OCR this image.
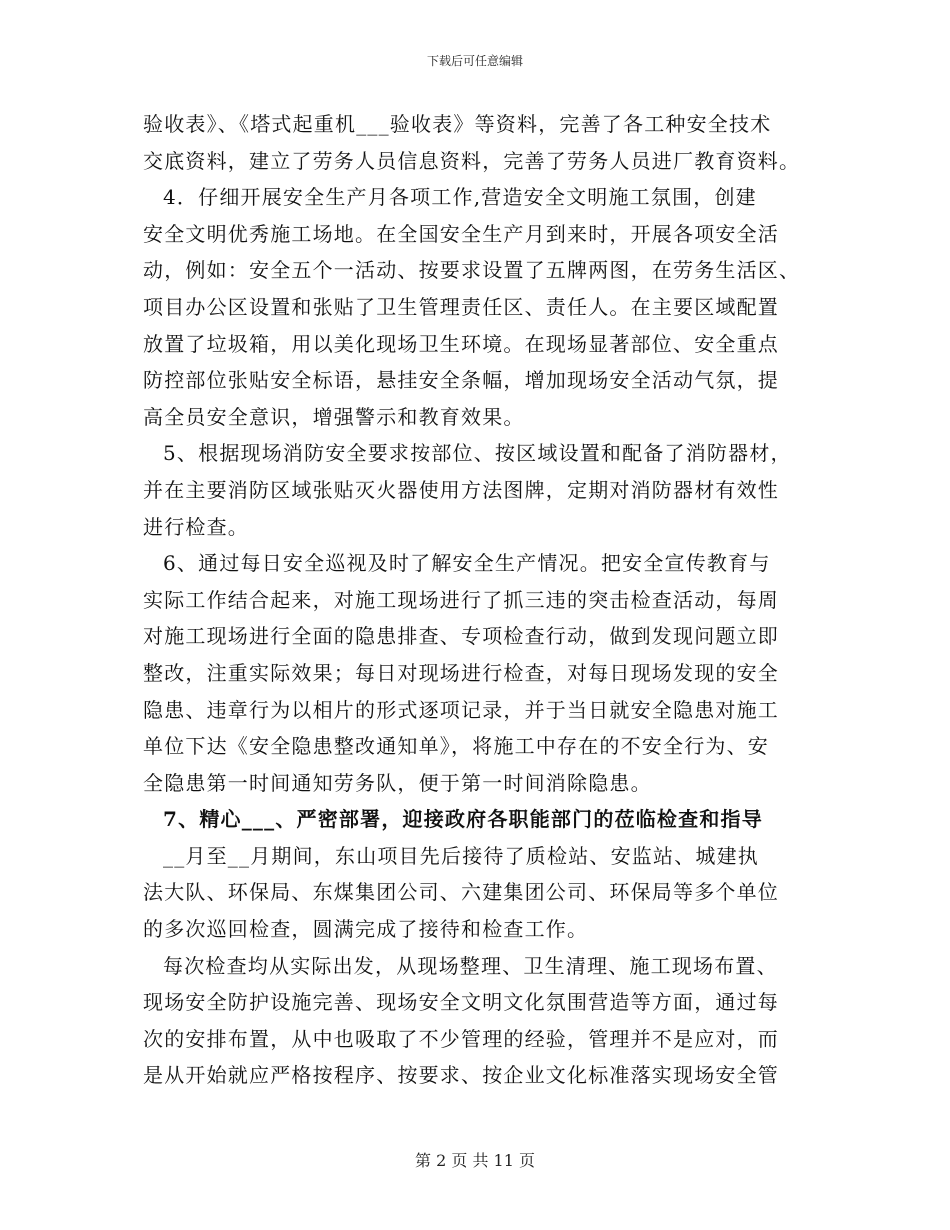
下载后可任意编辑
验收表》、《塔式起重机___验收表》等资料，完善了各工种安全技术
交底资料，建立了劳务人员信息资料，完善了劳务人员进厂教育资料。
4．仔细开展安全生产月各项工作,营造安全文明施工氛围，创建
安全文明优秀施工场地。在全国安全生产月到来时，开展各项安全活
动，例如：安全五个一活动、按要求设置了五牌两图，在劳务生活区、
项目办公区设置和张贴了卫生管理责任区、责任人。在主要区域配置
放置了垃圾箱，用以美化现场卫生环境。在现场显著部位、安全重点
防控部位张贴安全标语，悬挂安全条幅，增加现场安全活动气氛，提
高全员安全意识，增强警示和教育效果。
5、根据现场消防安全要求按部位、按区域设置和配备了消防器材，
并在主要消防区域张贴灭火器使用方法图牌，定期对消防器材有效性
进行检查。
6、通过每日安全巡视及时了解安全生产情况。把安全宣传教育与
实际工作结合起来，对施工现场进行了抓三违的突击检查活动，每周
对施工现场进行全面的隐患排查、专项检查行动，做到发现问题立即
整改，注重实际效果；每日对现场进行检查，对每日现场发现的安全
隐患、违章行为以相片的形式逐项记录，并于当日就安全隐患对施工
单位下达《安全隐患整改通知单》，将施工中存在的不安全行为、安
全隐患第一时间通知劳务队，便于第一时间消除隐患。
7、精心___、严密部署，迎接政府各职能部门的莅临检查和指导
__月至__月期间，东山项目先后接待了质检站、安监站、城建执
法大队、环保局、东煤集团公司、六建集团公司、环保局等多个单位
的多次巡回检查，圆满完成了接待和检查工作。
每次检查均从实际出发，从现场整理、卫生清理、施工现场布置、
现场安全防护设施完善、现场安全文明文化氛围营造等方面，通过每
次的安排布置，从中也吸取了不少管理的经验，管理并不是应对，而
是从开始就应严格按程序、按要求、按企业文化标准落实现场安全管
第 2 页 共 11 页
